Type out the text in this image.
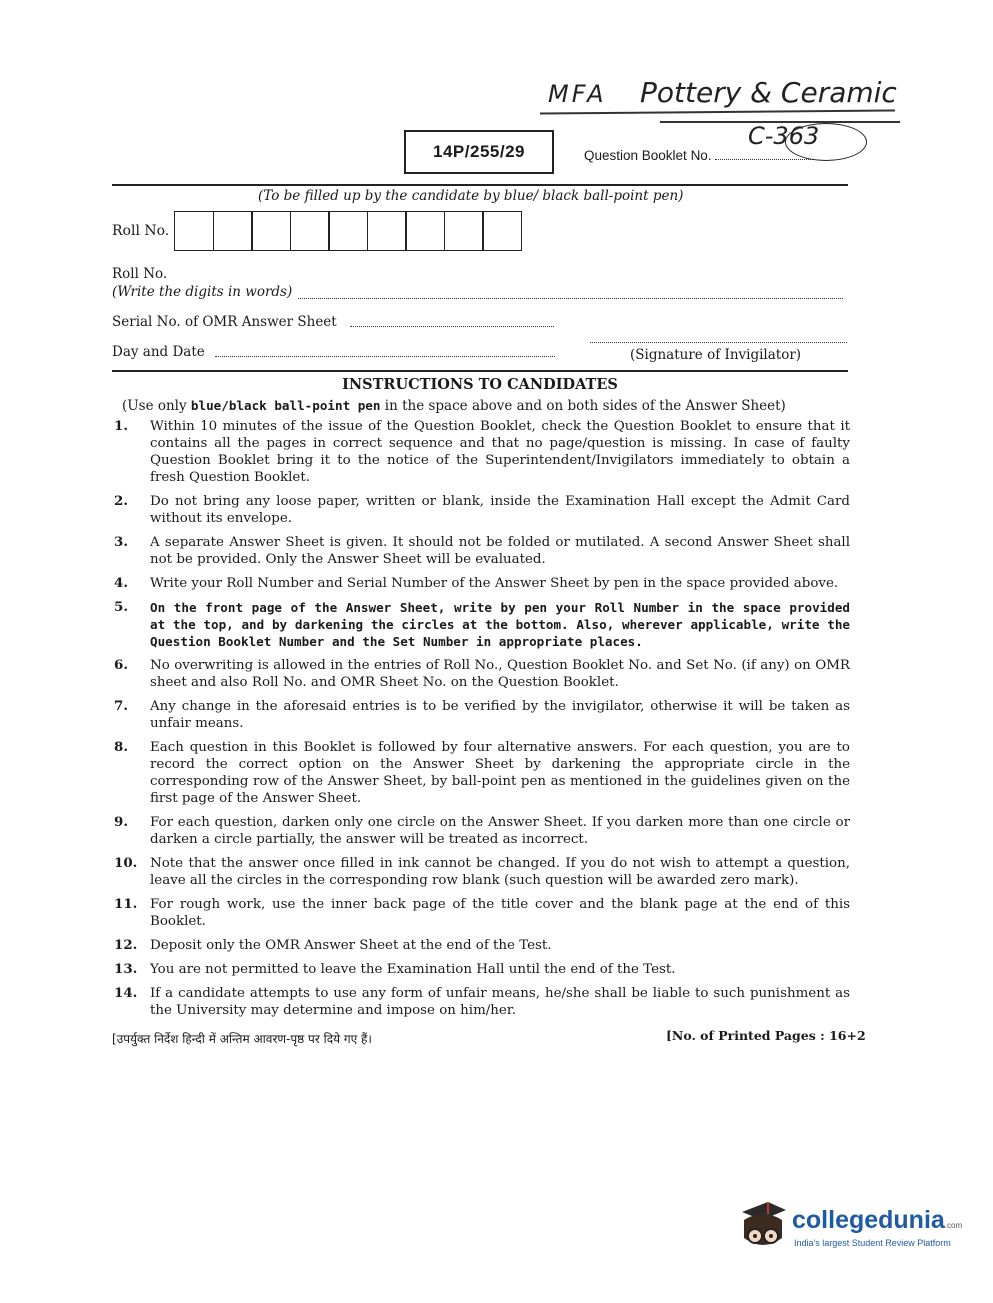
MFA Pottery & Ceramic
C-363
14P/255/29	Question Booklet No.
(To be filled up by the candidate by blue/ black ball-point pen)
Roll No.
Roll No.
(Write the digits in words)
Serial No. of OMR Answer Sheet
Day and Date	(Signature of Invigilator)
INSTRUCTIONS TO CANDIDATES
(Use only blue/black ball-point pen in the space above and on both sides of the Answer Sheet)
1.	Within 10 minutes of the issue of the Question Booklet, check the Question Booklet to ensure that it contains all the pages in correct sequence and that no page/question is missing. In case of faulty Question Booklet bring it to the notice of the Superintendent/Invigilators immediately to obtain a fresh Question Booklet.
2.	Do not bring any loose paper, written or blank, inside the Examination Hall except the Admit Card without its envelope.
3.	A separate Answer Sheet is given. It should not be folded or mutilated. A second Answer Sheet shall not be provided. Only the Answer Sheet will be evaluated.
4.	Write your Roll Number and Serial Number of the Answer Sheet by pen in the space provided above.
5.	On the front page of the Answer Sheet, write by pen your Roll Number in the space provided at the top, and by darkening the circles at the bottom. Also, wherever applicable, write the Question Booklet Number and the Set Number in appropriate places.
6.	No overwriting is allowed in the entries of Roll No., Question Booklet No. and Set No. (if any) on OMR sheet and also Roll No. and OMR Sheet No. on the Question Booklet.
7.	Any change in the aforesaid entries is to be verified by the invigilator, otherwise it will be taken as unfair means.
8.	Each question in this Booklet is followed by four alternative answers. For each question, you are to record the correct option on the Answer Sheet by darkening the appropriate circle in the corresponding row of the Answer Sheet, by ball-point pen as mentioned in the guidelines given on the first page of the Answer Sheet.
9.	For each question, darken only one circle on the Answer Sheet. If you darken more than one circle or darken a circle partially, the answer will be treated as incorrect.
10. Note that the answer once filled in ink cannot be changed. If you do not wish to attempt a question, leave all the circles in the corresponding row blank (such question will be awarded zero mark).
11. For rough work, use the inner back page of the title cover and the blank page at the end of this Booklet.
12. Deposit only the OMR Answer Sheet at the end of the Test.
13. You are not permitted to leave the Examination Hall until the end of the Test.
14. If a candidate attempts to use any form of unfair means, he/she shall be liable to such punishment as the University may determine and impose on him/her.
[उपर्युक्त निर्देश हिन्दी में अन्तिम आवरण-पृष्ठ पर दिये गए हैं।	[No. of Printed Pages : 16+2
collegedunia.com
India's largest Student Review Platform
